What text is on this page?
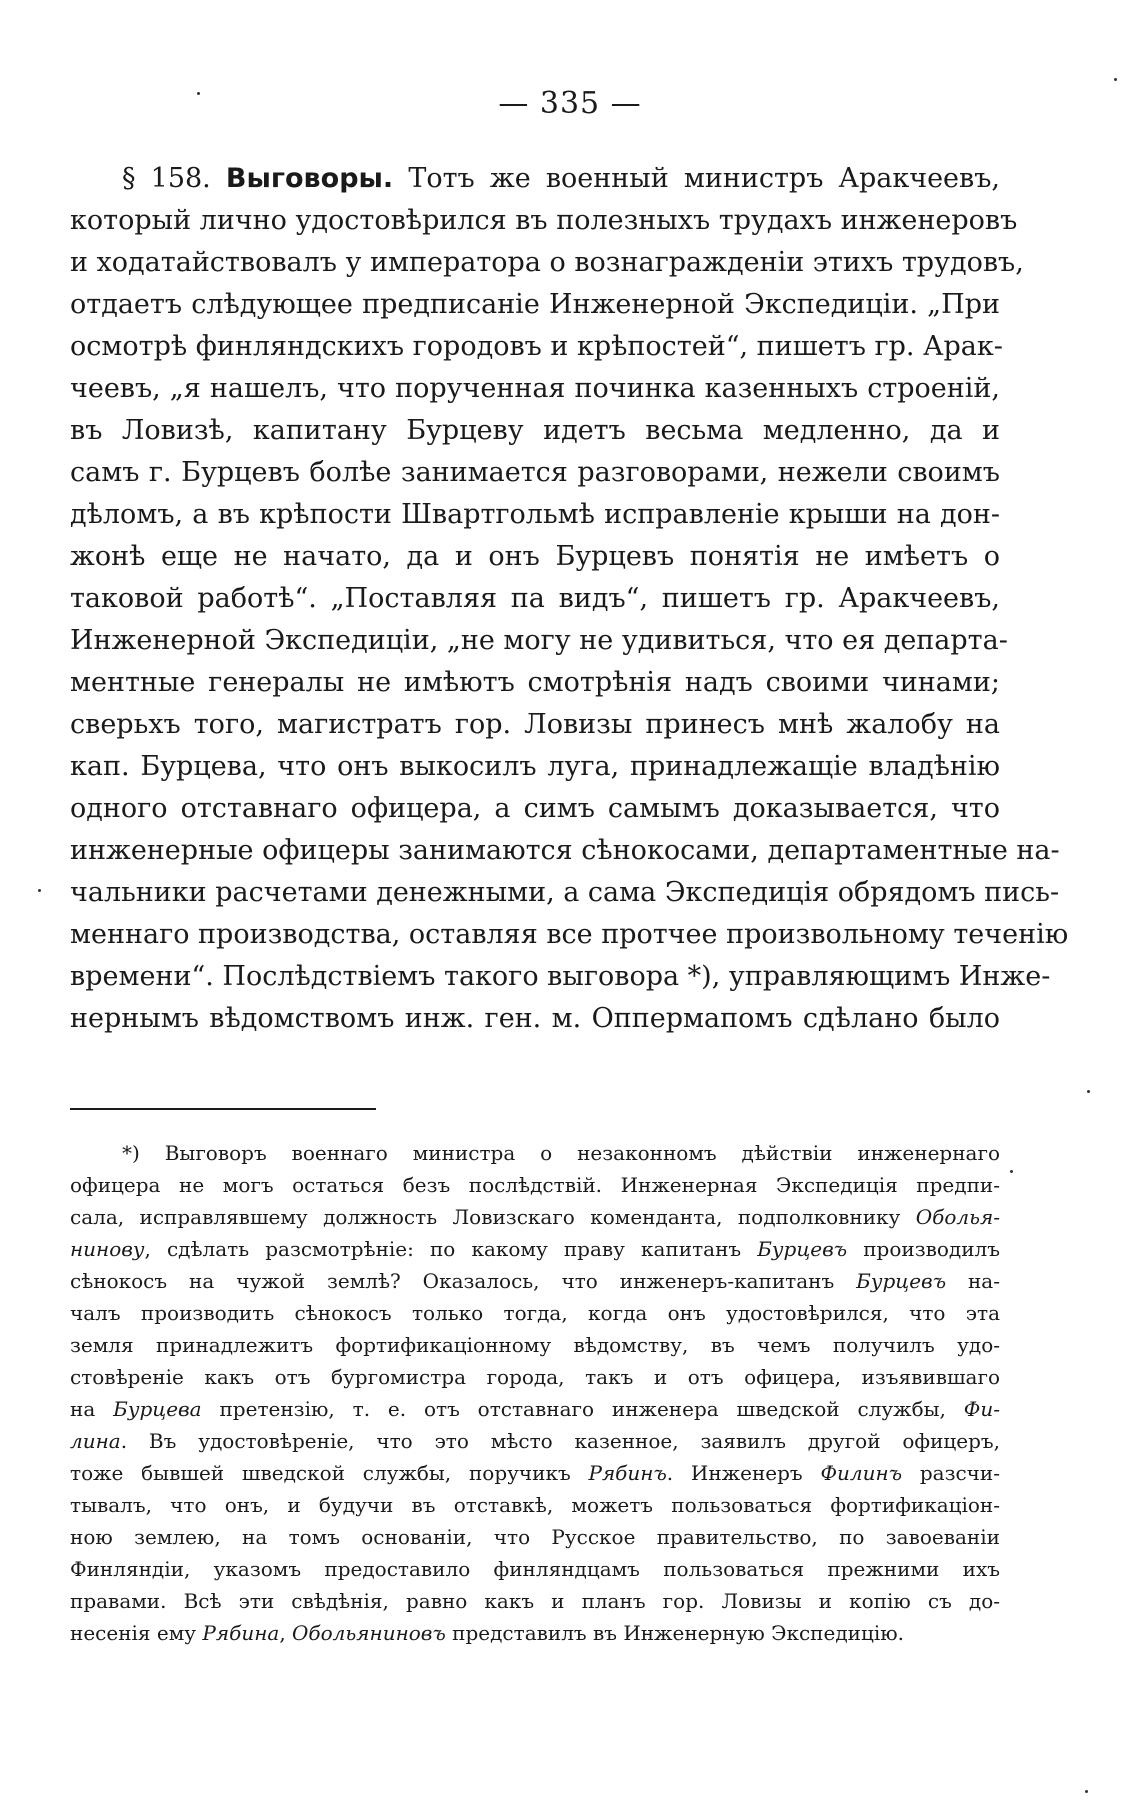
— 335 —
§ 158. Выговоры. Тотъ же военный министръ Аракчеевъ,
который лично удостовѣрился въ полезныхъ трудахъ инженеровъ
и ходатайствовалъ у императора о вознагражденіи этихъ трудовъ,
отдаетъ слѣдующее предписаніе Инженерной Экспедиціи. „При
осмотрѣ финляндскихъ городовъ и крѣпостей“, пишетъ гр. Арак-
чеевъ, „я нашелъ, что порученная починка казенныхъ строеній,
въ Ловизѣ, капитану Бурцеву идетъ весьма медленно, да и
самъ г. Бурцевъ болѣе занимается разговорами, нежели своимъ
дѣломъ, а въ крѣпости Швартгольмѣ исправленіе крыши на дон-
жонѣ еще не начато, да и онъ Бурцевъ понятія не имѣетъ о
таковой работѣ“. „Поставляя па видъ“, пишетъ гр. Аракчеевъ,
Инженерной Экспедиціи, „не могу не удивиться, что ея департа-
ментные генералы не имѣютъ смотрѣнія надъ своими чинами;
сверьхъ того, магистратъ гор. Ловизы принесъ мнѣ жалобу на
кап. Бурцева, что онъ выкосилъ луга, принадлежащіе владѣнію
одного отставнаго офицера, а симъ самымъ доказывается, что
инженерные офицеры занимаются сѣнокосами, департаментные на-
чальники расчетами денежными, а сама Экспедиція обрядомъ пись-
меннаго производства, оставляя все протчее произвольному теченію
времени“. Послѣдствіемъ такого выговора *), управляющимъ Инже-
нернымъ вѣдомствомъ инж. ген. м. Оппермапомъ сдѣлано было
*) Выговоръ военнаго министра о незаконномъ дѣйствіи инженернаго
офицера не могъ остаться безъ послѣдствій. Инженерная Экспедиція предпи-
сала, исправлявшему должность Ловизскаго коменданта, подполковнику Оболья-
нинову, сдѣлать разсмотрѣніе: по какому праву капитанъ Бурцевъ производилъ
сѣнокосъ на чужой землѣ? Оказалось, что инженеръ-капитанъ Бурцевъ на-
чалъ производить сѣнокосъ только тогда, когда онъ удостовѣрился, что эта
земля принадлежитъ фортификаціонному вѣдомству, въ чемъ получилъ удо-
стовѣреніе какъ отъ бургомистра города, такъ и отъ офицера, изъявившаго
на Бурцева претензію, т. е. отъ отставнаго инженера шведской службы, Фи-
лина. Въ удостовѣреніе, что это мѣсто казенное, заявилъ другой офицеръ,
тоже бывшей шведской службы, поручикъ Рябинъ. Инженеръ Филинъ разсчи-
тывалъ, что онъ, и будучи въ отставкѣ, можетъ пользоваться фортификаціон-
ною землею, на томъ основаніи, что Русское правительство, по завоеваніи
Финляндіи, указомъ предоставило финляндцамъ пользоваться прежними ихъ
правами. Всѣ эти свѣдѣнія, равно какъ и планъ гор. Ловизы и копію съ до-
несенія ему Рябина, Обольяниновъ представилъ въ Инженерную Экспедицію.
